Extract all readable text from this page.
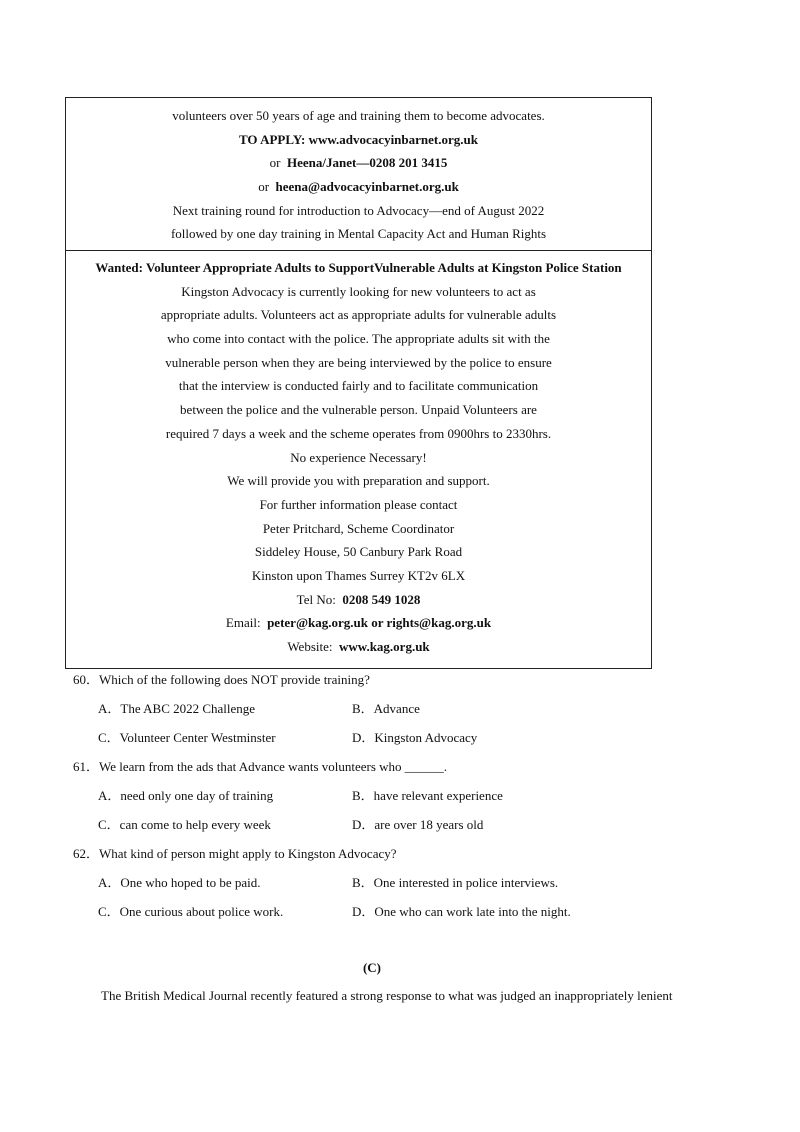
volunteers over 50 years of age and training them to become advocates.
TO APPLY: www.advocacyinbarnet.org.uk
or Heena/Janet—0208 201 3415
or heena@advocacyinbarnet.org.uk
Next training round for introduction to Advocacy—end of August 2022
followed by one day training in Mental Capacity Act and Human Rights
Wanted: Volunteer Appropriate Adults to SupportVulnerable Adults at Kingston Police Station
Kingston Advocacy is currently looking for new volunteers to act as
appropriate adults. Volunteers act as appropriate adults for vulnerable adults
who come into contact with the police. The appropriate adults sit with the
vulnerable person when they are being interviewed by the police to ensure
that the interview is conducted fairly and to facilitate communication
between the police and the vulnerable person. Unpaid Volunteers are
required 7 days a week and the scheme operates from 0900hrs to 2330hrs.
No experience Necessary!
We will provide you with preparation and support.
For further information please contact
Peter Pritchard, Scheme Coordinator
Siddeley House, 50 Canbury Park Road
Kinston upon Thames Surrey KT2v 6LX
Tel No: 0208 549 1028
Email: peter@kag.org.uk or rights@kag.org.uk
Website: www.kag.org.uk
60．Which of the following does NOT provide training?
A．The ABC 2022 Challenge	B．Advance
C．Volunteer Center Westminster	D．Kingston Advocacy
61．We learn from the ads that Advance wants volunteers who ______.
A．need only one day of training	B．have relevant experience
C．can come to help every week	D．are over 18 years old
62．What kind of person might apply to Kingston Advocacy?
A．One who hoped to be paid.	B．One interested in police interviews.
C．One curious about police work.	D．One who can work late into the night.
(C)
The British Medical Journal recently featured a strong response to what was judged an inappropriately lenient
